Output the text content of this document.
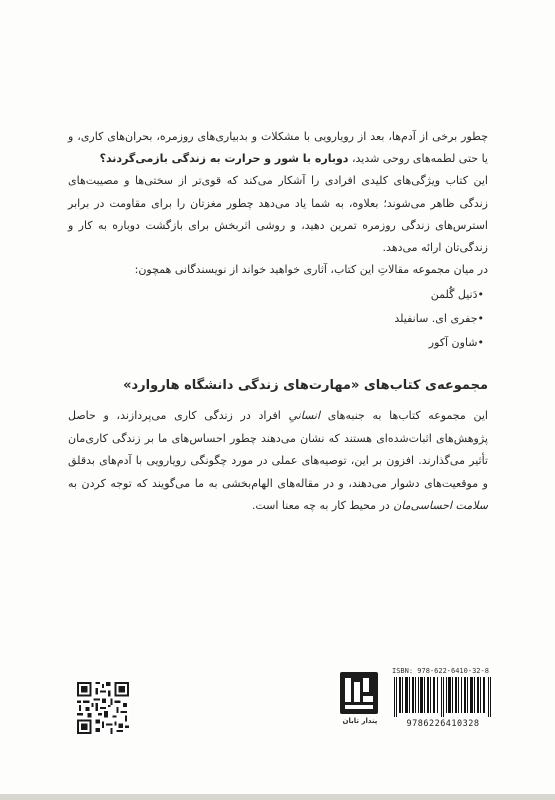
چطور برخی از آدم‌ها، بعد از رویارویی با مشکلات و بدبیاری‌های روزمره، بحران‌های کاری، و یا حتی لطمه‌های روحی شدید، دوباره با شور و حرارت به زندگی بازمی‌گردند؟

این کتاب ویژگی‌های کلیدی افرادی را آشکار می‌کند که قوی‌تر از سختی‌ها و مصیبت‌های زندگی ظاهر می‌شوند؛ بعلاوه، به شما یاد می‌دهد چطور مغزتان را برای مقاومت در برابر استرس‌های زندگی روزمره تمرین دهید، و روشی اثربخش برای بازگشت دوباره به کار و زندگی‌تان ارائه می‌دهد.

در میان مجموعه مقالاتِ این کتاب، آثاری خواهید خواند از نویسندگانی همچون:

•دَنیل گُلمن
•جفری ای. سانفیلد
•شاون آکور
مجموعه‌ی کتاب‌های «مهارت‌های زندگی دانشگاه هاروارد»

این مجموعه کتاب‌ها به جنبه‌های انسانیِ افراد در زندگی کاری می‌پردازند، و حاصل پژوهش‌های اثبات‌شده‌ای هستند که نشان می‌دهند چطور احساس‌های ما بر زندگی کاری‌مان تأثیر می‌گذارند. افزون بر این، توصیه‌های عملی در مورد چگونگی رویارویی با آدم‌های بدقلق و موقعیت‌های دشوار می‌دهند، و در مقاله‌های الهام‌بخشی به ما می‌گویند که توجه کردن به سلامت احساسی‌مان در محیط کار به چه معنا است.

پندار تابان
ISBN: 978-622-6410-32-8
9786226410328
